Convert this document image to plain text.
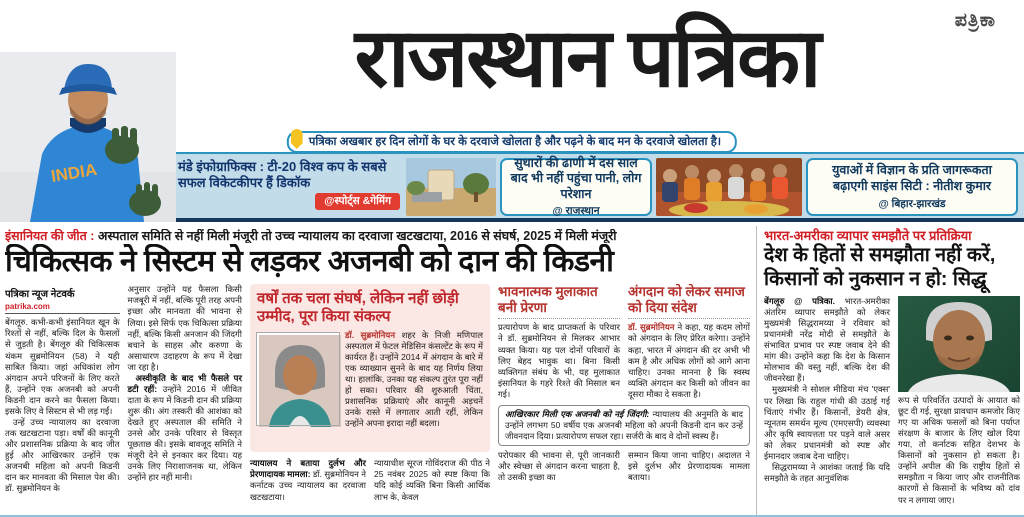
ಪತ್ರಿಕಾ
राजस्थान पत्रिका
पत्रिका अखबार हर दिन लोगों के घर के दरवाजे खोलता है और पढ़ने के बाद मन के दरवाजे खोलता है।
INDIA	मंडे इंफोग्राफिक्स : टी-20 विश्व कप के सबसे सफल विकेटकीपर हैं डिकॉक
@स्पोर्ट्स &गेमिंग
सुथारों की ढाणी में दस साल बाद भी नहीं पहुंचा पानी, लोग परेशान
@ राजस्थान
युवाओं में विज्ञान के प्रति जागरूकता बढ़ाएगी साइंस सिटी : नीतीश कुमार
@ बिहार-झारखंड
इंसानियत की जीत : अस्पताल समिति से नहीं मिली मंजूरी तो उच्च न्यायालय का दरवाजा खटखटाया, 2016 से संघर्ष, 2025 में मिली मंजूरी
चिकित्सक ने सिस्टम से लड़कर अजनबी को दान की किडनी
पत्रिका न्यूज नेटवर्क
patrika.com

बेंगलूरु. कभी-कभी इंसानियत खून के रिश्तों से नहीं, बल्कि दिल के फैसलों से जुड़ती है। बेंगलूरु की चिकित्सक थंकम सुब्रमोनियन (58) ने यही साबित किया। जहां अधिकांश लोग अंगदान अपने परिजनों के लिए करते हैं, उन्होंने एक अजनबी को अपनी किडनी दान करने का फैसला किया। इसके लिए वे सिस्टम से भी लड़ गईं।

उन्हें उच्च न्यायालय का दरवाजा तक खटखटाना पड़ा। वर्षों की कानूनी और प्रशासनिक प्रक्रिया के बाद जीत हुई और आखिरकार उन्होंने एक अजनबी महिला को अपनी किडनी दान कर मानवता की मिसाल पेश की। डॉ. सुब्रमोनियन के

अनुसार उन्होंने यह फैसला किसी मजबूरी में नहीं, बल्कि पूरी तरह अपनी इच्छा और मानवता की भावना से लिया। इसे सिर्फ एक चिकित्सा प्रक्रिया नहीं, बल्कि किसी अनजान की जिंदगी बचाने के साहस और करुणा के असाधारण उदाहरण के रूप में देखा जा रहा है।

अस्वीकृति के बाद भी फैसले पर डटी रहीं: उन्होंने 2016 में जीवित दाता के रूप में किडनी दान की प्रक्रिया शुरू की। अंग तस्करी की आशंका को देखते हुए अस्पताल की समिति ने उनसे और उनके परिवार से विस्तृत पूछताछ की। इसके बावजूद समिति ने मंजूरी देने से इनकार कर दिया। यह उनके लिए निराशाजनक था, लेकिन उन्होंने हार नहीं मानी।

वर्षों तक चला संघर्ष, लेकिन नहीं छोड़ी उम्मीद, पूरा किया संकल्प

डॉ. सुब्रमोनियन शहर के निजी मणिपाल अस्पताल में फेटल मेडिसिन कंसल्टेंट के रूप में कार्यरत हैं। उन्होंने 2014 में अंगदान के बारे में एक व्याख्यान सुनने के बाद यह निर्णय लिया था। हालांकि, उनका यह संकल्प तुरंत पूरा नहीं हो सका। परिवार की शुरुआती चिंता, प्रशासनिक प्रक्रियाएं और कानूनी अड़चनें उनके रास्ते में लगातार आती रहीं, लेकिन उन्होंने अपना इरादा नहीं बदला।

न्यायालय ने बताया दुर्लभ और प्रेरणादायक मामला: डॉ. सुब्रमोनियन ने कर्नाटक उच्च न्यायालय का दरवाजा खटखटाया।

न्यायाधीश सूरज गोविंदराज की पीठ ने 25 नवंबर 2025 को स्पष्ट किया कि यदि कोई व्यक्ति बिना किसी आर्थिक लाभ के, केवल

भावनात्मक मुलाकात बनी प्रेरणा

प्रत्यारोपण के बाद प्राप्तकर्ता के परिवार ने डॉ. सुब्रमोनियन से मिलकर आभार व्यक्त किया। यह पल दोनों परिवारों के लिए बेहद भावुक था। बिना किसी व्यक्तिगत संबंध के भी, यह मुलाकात इंसानियत के गहरे रिश्ते की मिसाल बन गई।

अंगदान को लेकर समाज को दिया संदेश

डॉ. सुब्रमोनियन ने कहा, यह कदम लोगों को अंगदान के लिए प्रेरित करेगा। उन्होंने कहा, भारत में अंगदान की दर अभी भी कम है और अधिक लोगों को आगे आना चाहिए। उनका मानना है कि स्वस्थ व्यक्ति अंगदान कर किसी को जीवन का दूसरा मौका दे सकता है।

आखिरकार मिली एक अजनबी को नई जिंदगी: न्यायालय की अनुमति के बाद उन्होंने लगभग 50 वर्षीय एक अजनबी महिला को अपनी किडनी दान कर उन्हें जीवनदान दिया। प्रत्यारोपण सफल रहा। सर्जरी के बाद वे दोनों स्वस्थ हैं।

परोपकार की भावना से, पूरी जानकारी और स्वेच्छा से अंगदान करना चाहता है, तो उसकी इच्छा का

सम्मान किया जाना चाहिए। अदालत ने इसे दुर्लभ और प्रेरणादायक मामला बताया।

भारत-अमरीका व्यापार समझौते पर प्रतिक्रिया
देश के हितों से समझौता नहीं करें, किसानों को नुकसान न हो: सिद्धू

बेंगलूरु @ पत्रिका. भारत-अमरीका अंतरिम व्यापार समझौते को लेकर मुख्यमंत्री सिद्धरामय्या ने रविवार को प्रधानमंत्री नरेंद्र मोदी से समझौते के संभावित प्रभाव पर स्पष्ट जवाब देने की मांग की। उन्होंने कहा कि देश के किसान मोलभाव की वस्तु नहीं, बल्कि देश की जीवनरेखा हैं।

मुख्यमंत्री ने सोशल मीडिया मंच 'एक्स' पर लिखा कि राहुल गांधी की उठाई गई चिंताएं गंभीर हैं। किसानों, डेयरी क्षेत्र, न्यूनतम समर्थन मूल्य (एमएसपी) व्यवस्था और कृषि स्वायत्तता पर पड़ने वाले असर को लेकर प्रधानमंत्री को स्पष्ट और ईमानदार जवाब देना चाहिए।

सिद्धरामय्या ने आशंका जताई कि यदि समझौते के तहत आनुवंशिक

रूप से परिवर्तित उत्पादों के आयात को छूट दी गई, सुरक्षा प्रावधान कमजोर किए गए या अधिक फसलों को बिना पर्याप्त संरक्षण के बाजार के लिए खोल दिया गया, तो कर्नाटक सहित देशभर के किसानों को नुकसान हो सकता है। उन्होंने अपील की कि राष्ट्रीय हितों से समझौता न किया जाए और राजनीतिक कारणों से किसानों के भविष्य को दांव पर न लगाया जाए।
